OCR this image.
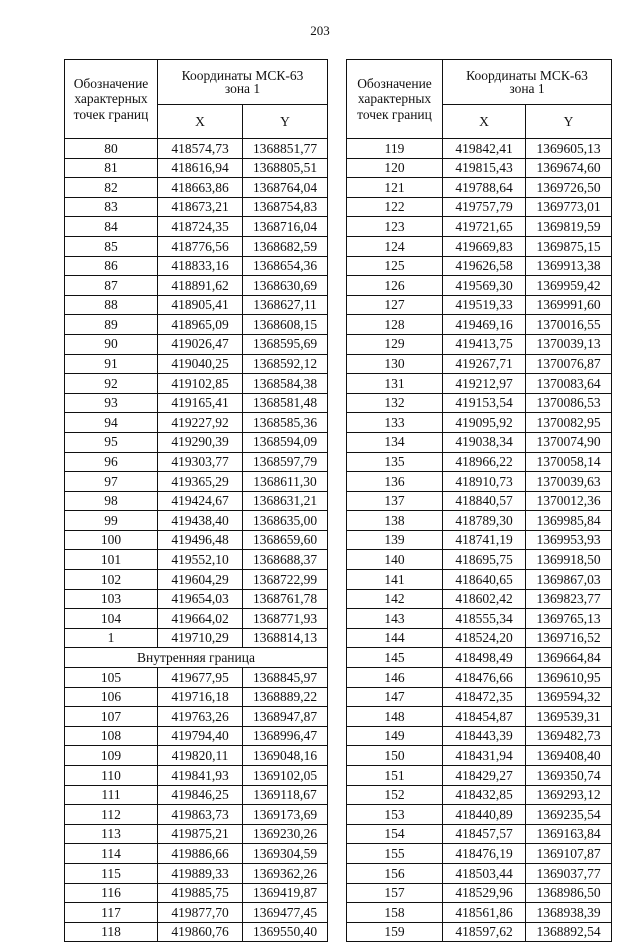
203
Обозначение
характерных
точек границ	Координаты МСК-63
зона 1	
	X	Y
80	418574,73	1368851,77
81	418616,94	1368805,51
82	418663,86	1368764,04
83	418673,21	1368754,83
84	418724,35	1368716,04
85	418776,56	1368682,59
86	418833,16	1368654,36
87	418891,62	1368630,69
88	418905,41	1368627,11
89	418965,09	1368608,15
90	419026,47	1368595,69
91	419040,25	1368592,12
92	419102,85	1368584,38
93	419165,41	1368581,48
94	419227,92	1368585,36
95	419290,39	1368594,09
96	419303,77	1368597,79
97	419365,29	1368611,30
98	419424,67	1368631,21
99	419438,40	1368635,00
100	419496,48	1368659,60
101	419552,10	1368688,37
102	419604,29	1368722,99
103	419654,03	1368761,78
104	419664,02	1368771,93
1	419710,29	1368814,13
Внутренняя граница		
105	419677,95	1368845,97
106	419716,18	1368889,22
107	419763,26	1368947,87
108	419794,40	1368996,47
109	419820,11	1369048,16
110	419841,93	1369102,05
111	419846,25	1369118,67
112	419863,73	1369173,69
113	419875,21	1369230,26
114	419886,66	1369304,59
115	419889,33	1369362,26
116	419885,75	1369419,87
117	419877,70	1369477,45
118	419860,76	1369550,40
Обозначение
характерных
точек границ	Координаты МСК-63
зона 1	
	X	Y
119	419842,41	1369605,13
120	419815,43	1369674,60
121	419788,64	1369726,50
122	419757,79	1369773,01
123	419721,65	1369819,59
124	419669,83	1369875,15
125	419626,58	1369913,38
126	419569,30	1369959,42
127	419519,33	1369991,60
128	419469,16	1370016,55
129	419413,75	1370039,13
130	419267,71	1370076,87
131	419212,97	1370083,64
132	419153,54	1370086,53
133	419095,92	1370082,95
134	419038,34	1370074,90
135	418966,22	1370058,14
136	418910,73	1370039,63
137	418840,57	1370012,36
138	418789,30	1369985,84
139	418741,19	1369953,93
140	418695,75	1369918,50
141	418640,65	1369867,03
142	418602,42	1369823,77
143	418555,34	1369765,13
144	418524,20	1369716,52
145	418498,49	1369664,84
146	418476,66	1369610,95
147	418472,35	1369594,32
148	418454,87	1369539,31
149	418443,39	1369482,73
150	418431,94	1369408,40
151	418429,27	1369350,74
152	418432,85	1369293,12
153	418440,89	1369235,54
154	418457,57	1369163,84
155	418476,19	1369107,87
156	418503,44	1369037,77
157	418529,96	1368986,50
158	418561,86	1368938,39
159	418597,62	1368892,54
